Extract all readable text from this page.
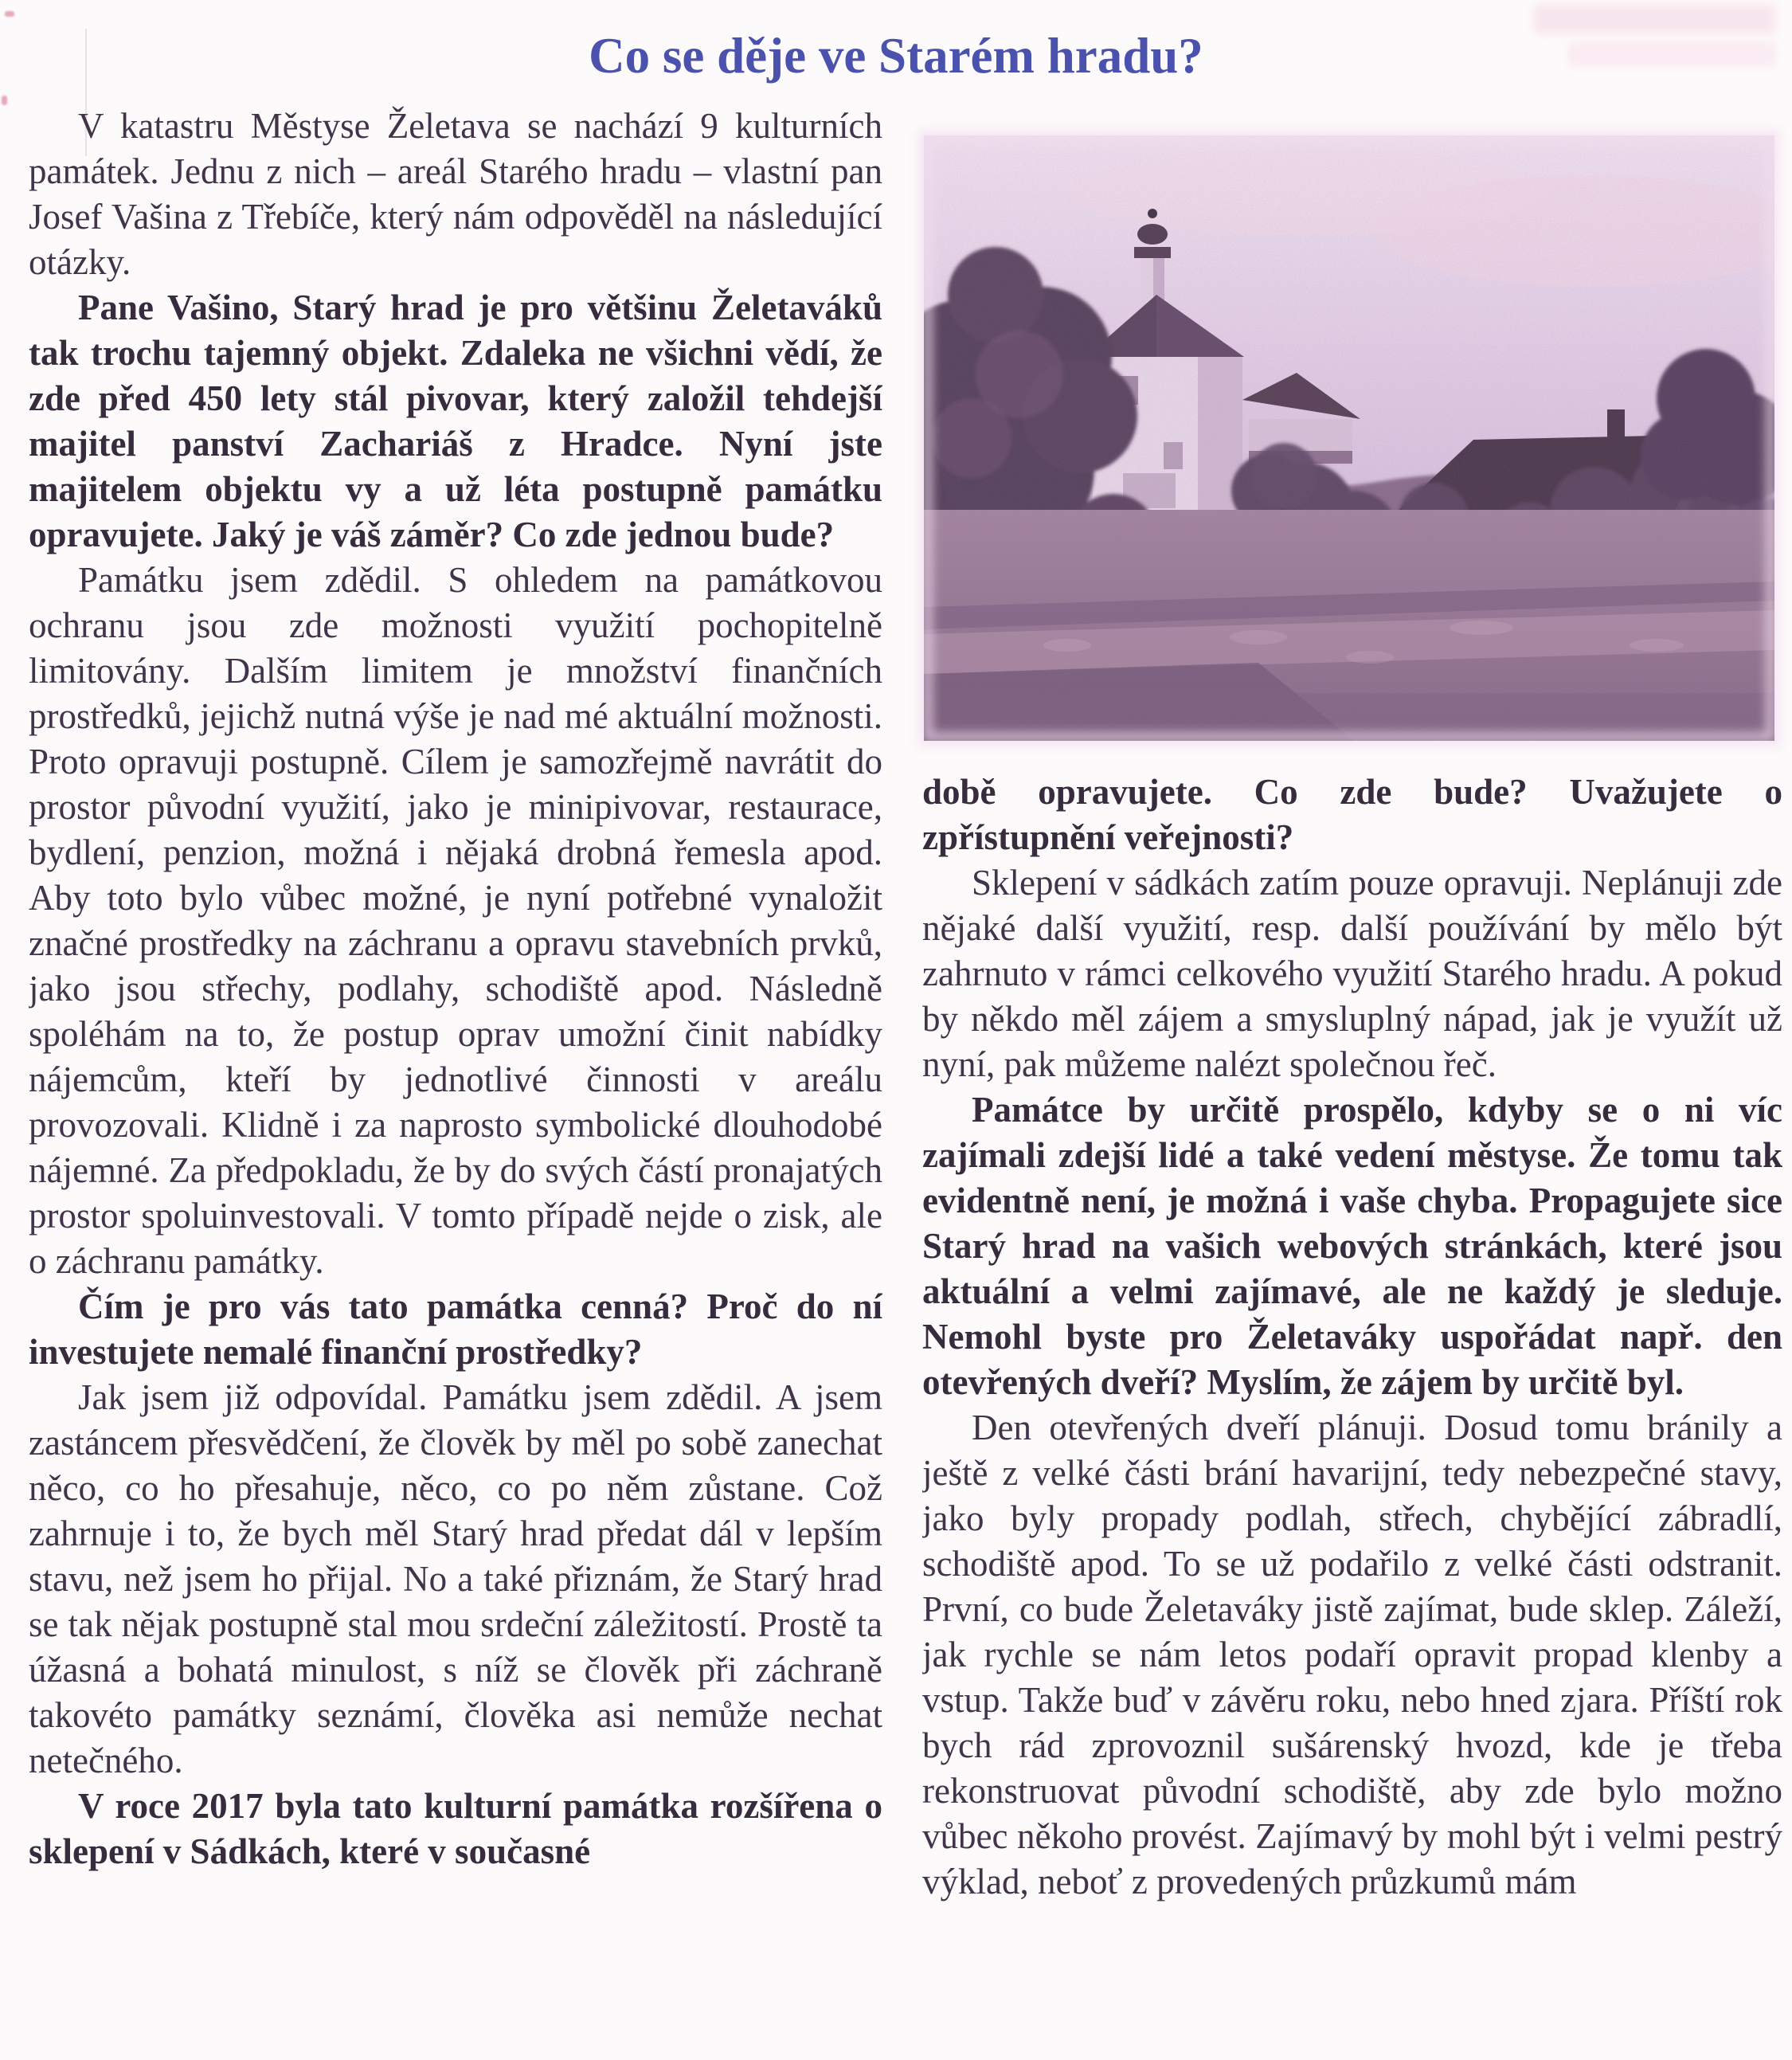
Co se děje ve Starém hradu?

V katastru Městyse Želetava se nachází 9 kulturních památek. Jednu z nich – areál Starého hradu – vlastní pan Josef Vašina z Třebíče, který nám odpověděl na následující otázky.

Pane Vašino, Starý hrad je pro většinu Želetaváků tak trochu tajemný objekt. Zdaleka ne všichni vědí, že zde před 450 lety stál pivovar, který založil tehdejší majitel panství Zachariáš z Hradce. Nyní jste majitelem objektu vy a už léta postupně památku opravujete. Jaký je váš záměr? Co zde jednou bude?

Památku jsem zdědil. S ohledem na památkovou ochranu jsou zde možnosti využití pochopitelně limitovány. Dalším limitem je množství finančních prostředků, jejichž nutná výše je nad mé aktuální možnosti. Proto opravuji postupně. Cílem je samozřejmě navrátit do prostor původní využití, jako je minipivovar, restaurace, bydlení, penzion, možná i nějaká drobná řemesla apod. Aby toto bylo vůbec možné, je nyní potřebné vynaložit značné prostředky na záchranu a opravu stavebních prvků, jako jsou střechy, podlahy, schodiště apod. Následně spoléhám na to, že postup oprav umožní činit nabídky nájemcům, kteří by jednotlivé činnosti v areálu provozovali. Klidně i za naprosto symbolické dlouhodobé nájemné. Za předpokladu, že by do svých částí pronajatých prostor spoluinvestovali. V tomto případě nejde o zisk, ale o záchranu památky.

Čím je pro vás tato památka cenná? Proč do ní investujete nemalé finanční prostředky?

Jak jsem již odpovídal. Památku jsem zdědil. A jsem zastáncem přesvědčení, že člověk by měl po sobě zanechat něco, co ho přesahuje, něco, co po něm zůstane. Což zahrnuje i to, že bych měl Starý hrad předat dál v lepším stavu, než jsem ho přijal. No a také přiznám, že Starý hrad se tak nějak postupně stal mou srdeční záležitostí. Prostě ta úžasná a bohatá minulost, s níž se člověk při záchraně takovéto památky seznámí, člověka asi nemůže nechat netečného.

V roce 2017 byla tato kulturní památka rozšířena o sklepení v Sádkách, které v současné

době opravujete. Co zde bude? Uvažujete o zpřístupnění veřejnosti?

Sklepení v sádkách zatím pouze opravuji. Neplánuji zde nějaké další využití, resp. další používání by mělo být zahrnuto v rámci celkového využití Starého hradu. A pokud by někdo měl zájem a smysluplný nápad, jak je využít už nyní, pak můžeme nalézt společnou řeč.

Památce by určitě prospělo, kdyby se o ni víc zajímali zdejší lidé a také vedení městyse. Že tomu tak evidentně není, je možná i vaše chyba. Propagujete sice Starý hrad na vašich webových stránkách, které jsou aktuální a velmi zajímavé, ale ne každý je sleduje. Nemohl byste pro Želetaváky uspořádat např. den otevřených dveří? Myslím, že zájem by určitě byl.

Den otevřených dveří plánuji. Dosud tomu bránily a ještě z velké části brání havarijní, tedy nebezpečné stavy, jako byly propady podlah, střech, chybějící zábradlí, schodiště apod. To se už podařilo z velké části odstranit. První, co bude Želetaváky jistě zajímat, bude sklep. Záleží, jak rychle se nám letos podaří opravit propad klenby a vstup. Takže buď v závěru roku, nebo hned zjara. Příští rok bych rád zprovoznil sušárenský hvozd, kde je třeba rekonstruovat původní schodiště, aby zde bylo možno vůbec někoho provést. Zajímavý by mohl být i velmi pestrý výklad, neboť z provedených průzkumů mám
